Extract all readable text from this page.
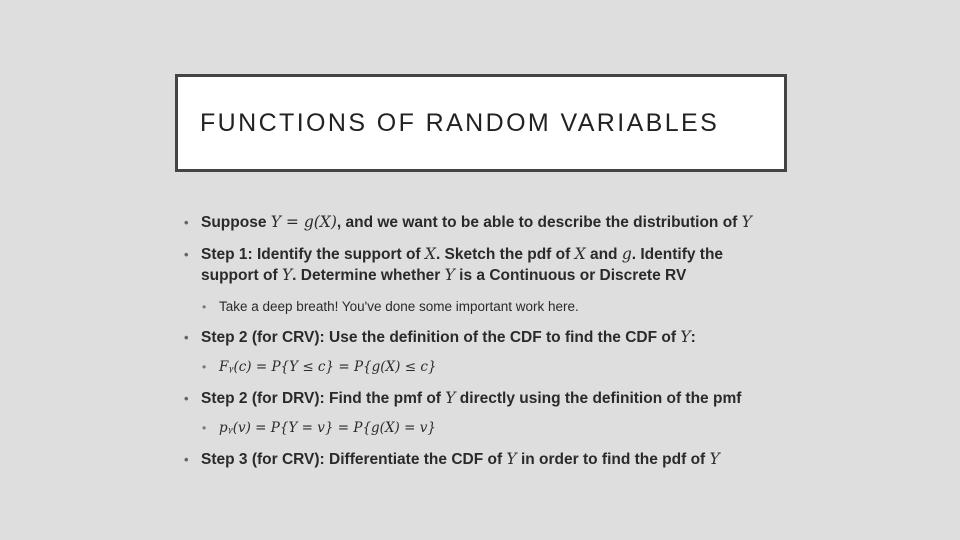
FUNCTIONS OF RANDOM VARIABLES
• Suppose Y = g(X), and we want to be able to describe the distribution of Y
• Step 1: Identify the support of X. Sketch the pdf of X and g. Identify the
support of Y. Determine whether Y is a Continuous or Discrete RV
• Take a deep breath! You've done some important work here.
• Step 2 (for CRV): Use the definition of the CDF to find the CDF of Y:
• Fᵧ(c) = P{Y ≤ c} = P{g(X) ≤ c}
• Step 2 (for DRV): Find the pmf of Y directly using the definition of the pmf
• pᵧ(v) = P{Y = v} = P{g(X) = v}
• Step 3 (for CRV): Differentiate the CDF of Y in order to find the pdf of Y
